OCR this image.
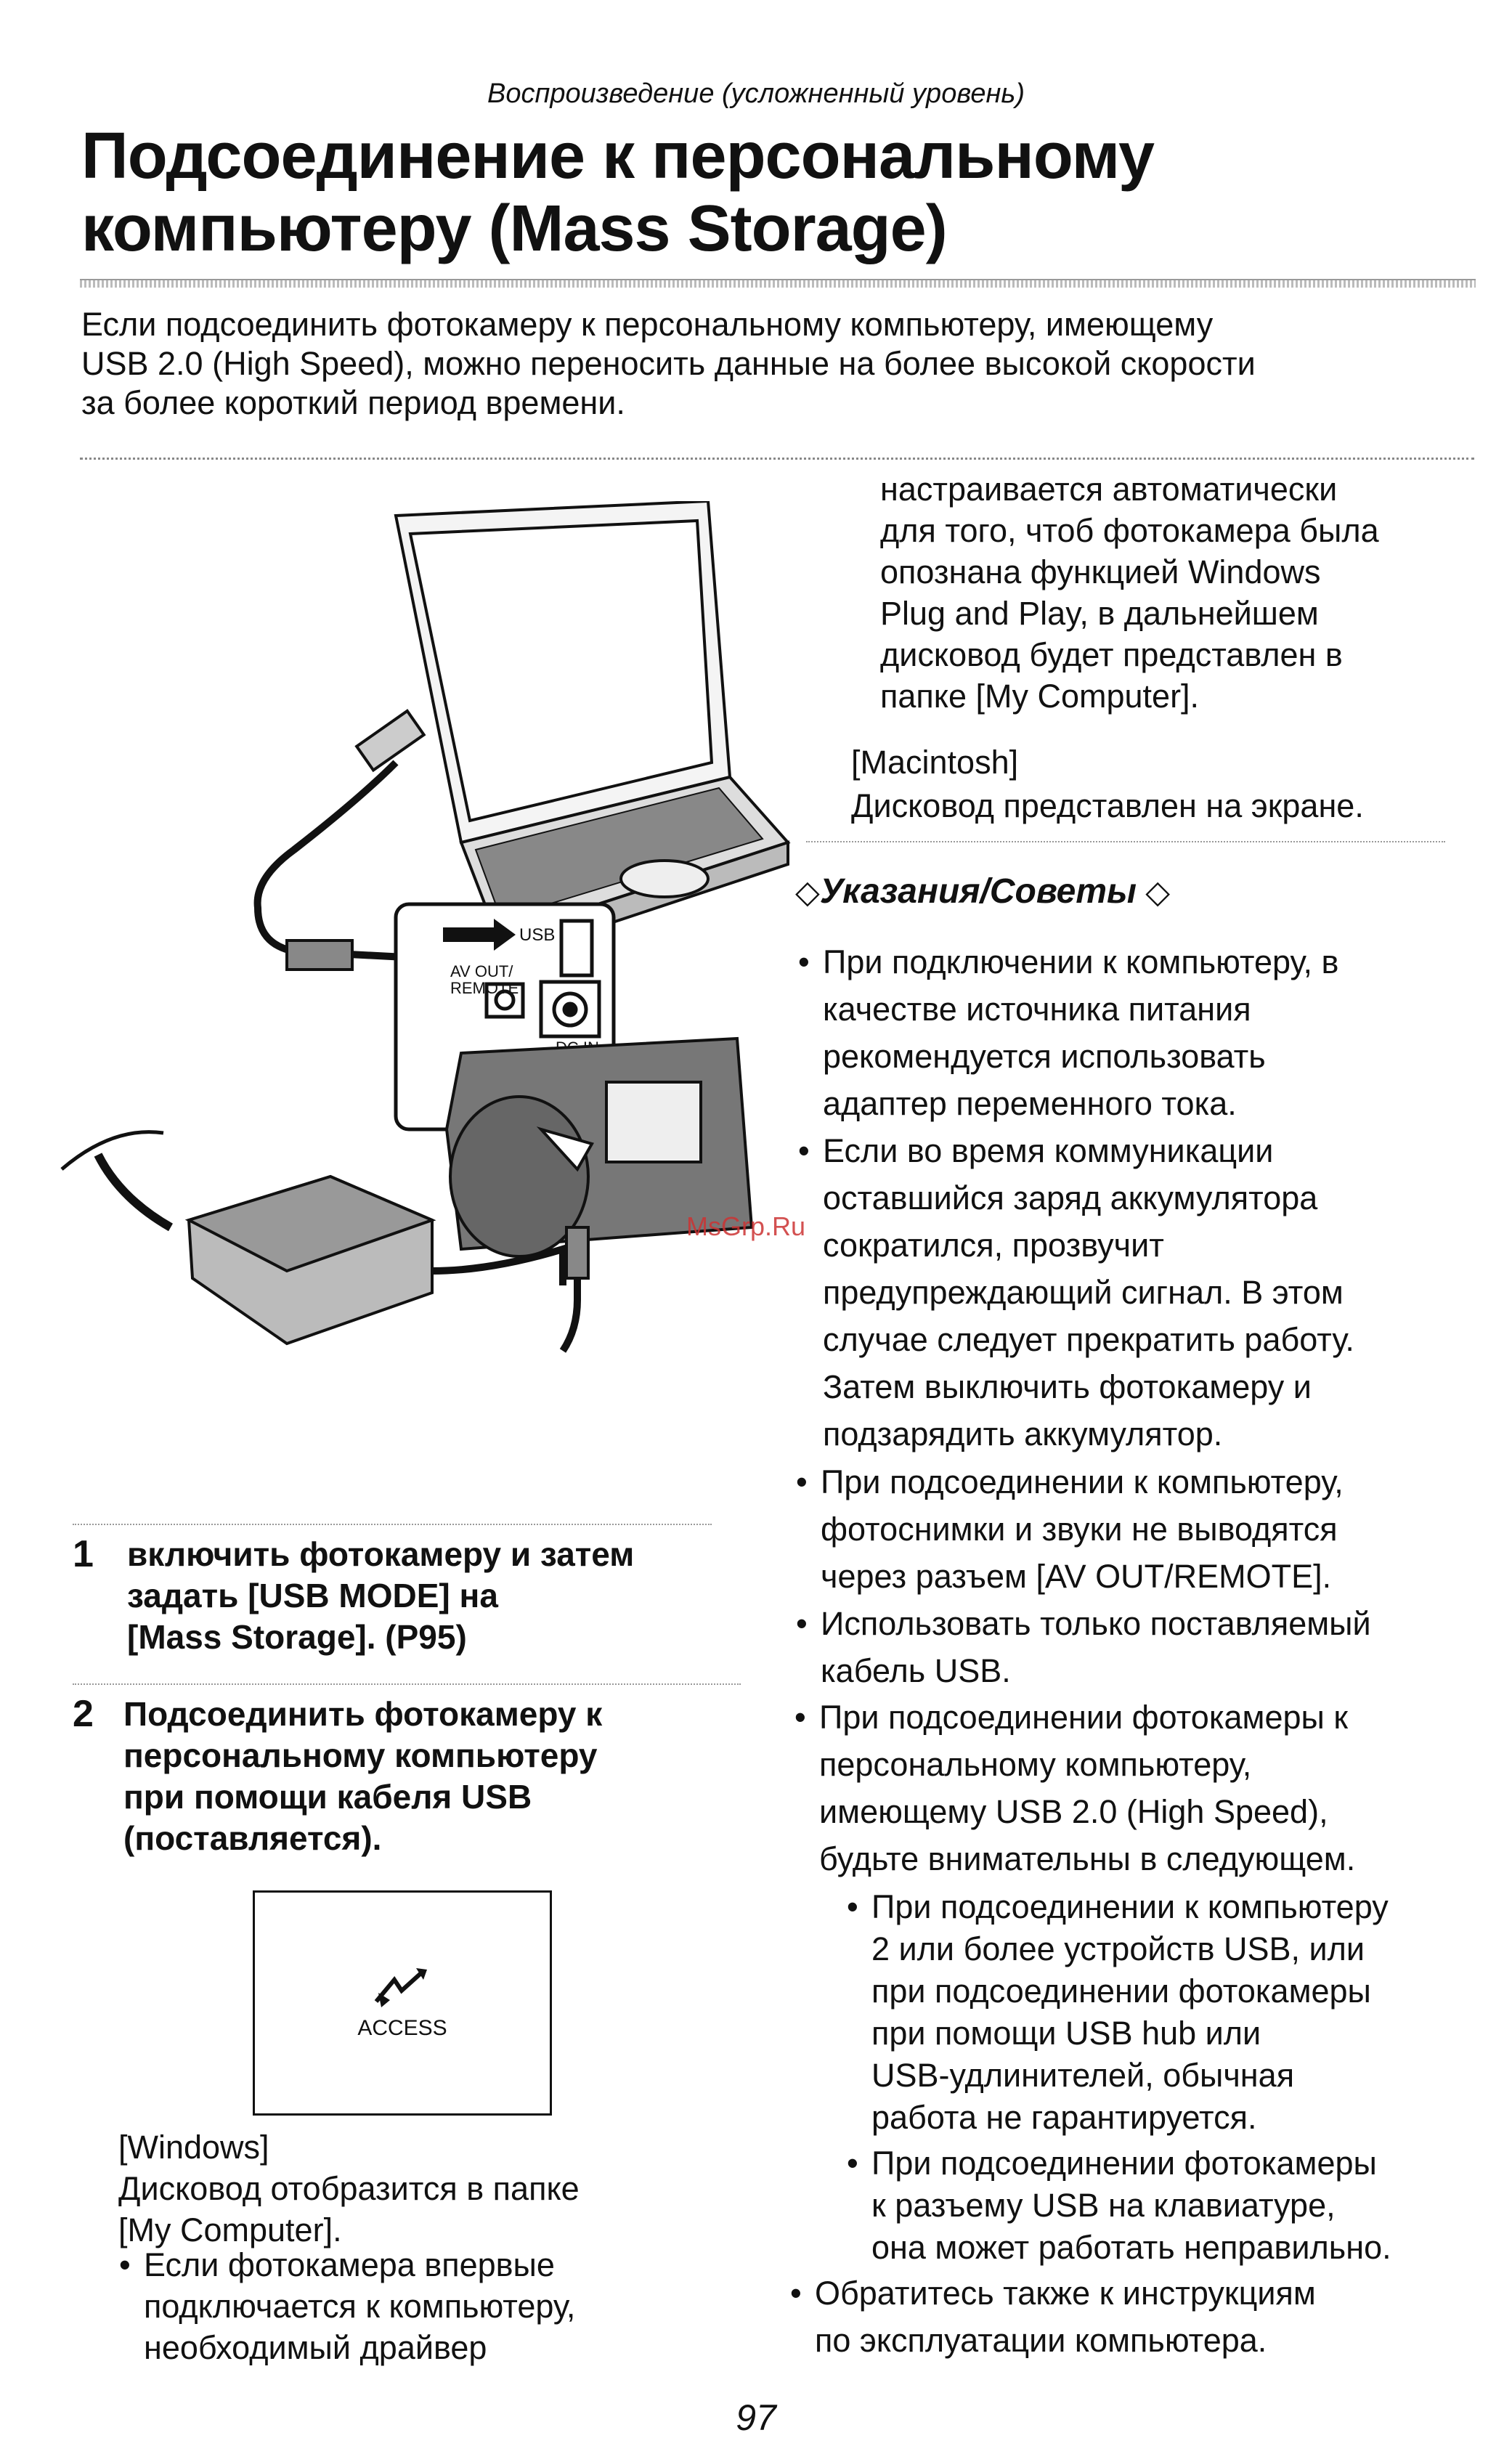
Воспроизведение (усложненный уровень)
Подсоединение к персональному
компьютеру (Mass Storage)
Если подсоединить фотокамеру к персональному компьютеру, имеющему
USB 2.0 (High Speed), можно переносить данные на более высокой скорости
за более короткий период времени.
USB
AV OUT/
REMOTE
1 включить фотокамеру и затем
задать [USB MODE] на
[Mass Storage]. (P95)
2 Подсоединить фотокамеру к
персональному компьютеру
при помощи кабеля USB
(поставляется).
ACCESS
[Windows]
Дисковод отобразится в папке
[My Computer].
• Если фотокамера впервые
подключается к компьютеру,
необходимый драйвер
настраивается автоматически
для того, чтоб фотокамера была
опознана функцией Windows
Plug and Play, в дальнейшем
дисковод будет представлен в
папке [My Computer].
[Macintosh]
Дисковод представлен на экране.
◇Указания/Советы ◇
• При подключении к компьютеру, в
качестве источника питания
рекомендуется использовать
адаптер переменного тока.
• Если во время коммуникации
оставшийся заряд аккумулятора
сократился, прозвучит
предупреждающий сигнал. В этом
случае следует прекратить работу.
Затем выключить фотокамеру и
подзарядить аккумулятор.
• При подсоединении к компьютеру,
фотоснимки и звуки не выводятся
через разъем [AV OUT/REMOTE].
• Использовать только поставляемый
кабель USB.
• При подсоединении фотокамеры к
персональному компьютеру,
имеющему USB 2.0 (High Speed),
будьте внимательны в следующем.
• При подсоединении к компьютеру
2 или более устройств USB, или
при подсоединении фотокамеры
при помощи USB hub или
USB-удлинителей, обычная
работа не гарантируется.
• При подсоединении фотокамеры
к разъему USB на клавиатуре,
она может работать неправильно.
• Обратитесь также к инструкциям
по эксплуатации компьютера.
MsGrp.Ru
97
